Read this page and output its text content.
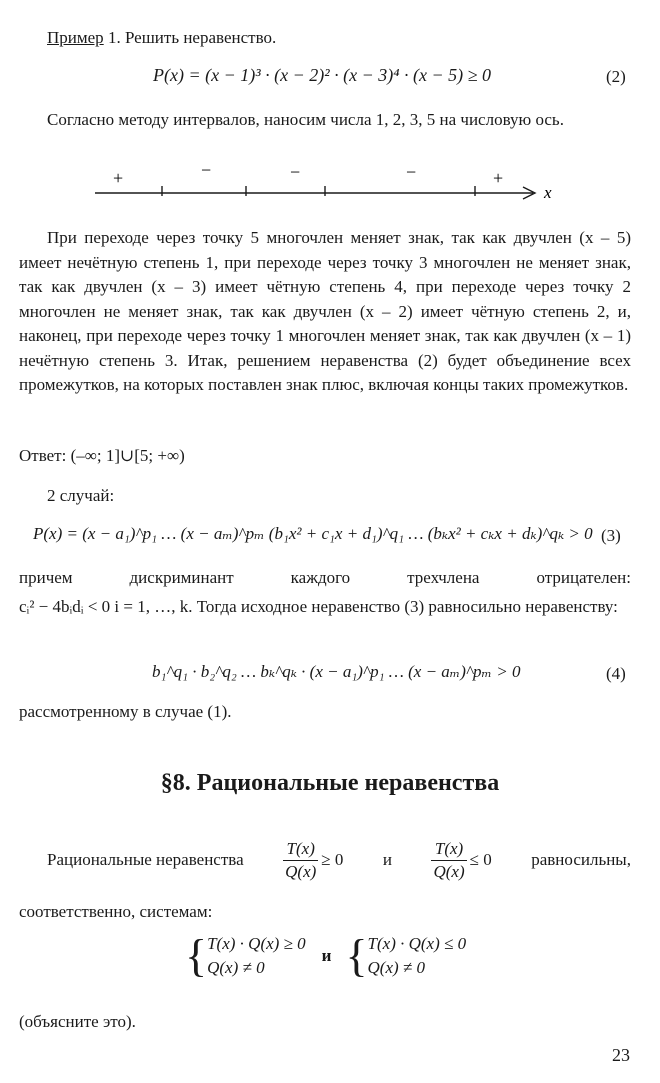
Пример 1. Решить неравенство.
P(x) = (x − 1)³ · (x − 2)² · (x − 3)⁴ · (x − 5) ≥ 0	(2)

Согласно методу интервалов, наносим числа 1, 2, 3, 5 на числовую ось.

+	−	−	−	+
x

При переходе через точку 5 многочлен меняет знак, так как двучлен (x – 5) имеет нечётную степень 1, при переходе через точку 3 многочлен не меняет знак, так как двучлен (x – 3) имеет чётную степень 4, при переходе через точку 2 многочлен не меняет знак, так как двучлен (x – 2) имеет чётную степень 2, и, наконец, при переходе через точку 1 многочлен меняет знак, так как двучлен (x – 1) нечётную степень 3. Итак, решением неравенства (2) будет объединение всех промежутков, на которых поставлен знак плюс, включая концы таких промежутков.

Ответ: (–∞; 1]∪[5; +∞)
2 случай:
P(x) = (x − a₁)^p₁ … (x − aₘ)^pₘ (b₁x² + c₁x + d₁)^q₁ … (bₖx² + cₖx + dₖ)^qₖ > 0 (3)

причем дискриминант каждого трехчлена отрицателен:

cᵢ² − 4bᵢdᵢ < 0 i = 1, …, k. Тогда исходное неравенство (3) равносильно неравенству:

b₁^q₁ · b₂^q₂ … bₖ^qₖ · (x − a₁)^p₁ … (x − aₘ)^pₘ > 0	(4)
рассмотренному в случае (1).
§8. Рациональные неравенства
Рациональные неравенства $\frac{T(x)}{Q(x)} \ge 0$ и $\frac{T(x)}{Q(x)} \le 0$ равносильны,
соответственно, системам:
{ T(x) · Q(x) ≥ 0
Q(x) ≠ 0
и { T(x) · Q(x) ≤ 0
Q(x) ≠ 0
(объясните это).
23
